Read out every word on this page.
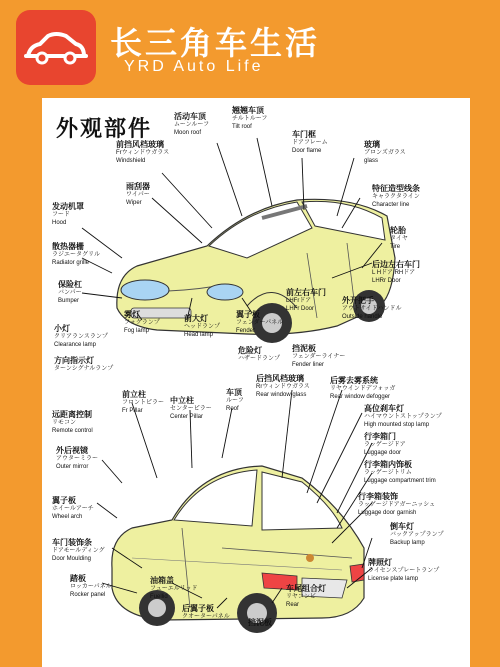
长三角车生活
YRD Auto Life
外观部件	活动车顶
ムーンルーフ
Moon roof
翘翘车顶
チルトルーフ
Tilt roof
车门框
ドアフレーム
Door flame
玻璃
ブロンズガラス
glass
前挡风档玻璃
Frウィンドウガラス
Windshield
雨刮器
ワイパー
Wiper
特征造型线条
キャラクタライン
Character line
发动机罩
フード
Hood
轮胎
タイヤ
Tire
散热器栅
ラジエータグリル
Radiator grille	后边左右车门
L Hドア RHドア
LHRr Door
保险杠
バンパー
Bumper
前左右车门
LHFrドア
LHFr Door
外开把手
アウトサイドハンドル
Outside handle
雾灯
フォグランプ
Fog lamp
前大灯
ヘッドランプ
Head lamp
翼子板
フェンダーパネル
Fender
小灯
クリアランスランプ
Clearance lamp	挡泥板
フェンダーライナー
Fender liner
方向指示灯
ターンシグナルランプ
危险灯
ハザードランプ
前立柱
フロントピラー
Fr Pillar
中立柱
センターピラー
Center Pillar
车顶
ルーフ
Roof
后挡风档玻璃
Rrウィンドウガラス
Rear window glass
后雾去雾系统
リヤウインドデフォッガ
Rear window defogger
高位刹车灯
ハイマウントストップランプ
High mounted stop lamp
远距离控制
リモコン
Remote control
外后视镜
アウターミラー
Outer mirror
行李箱门
ラッゲージドア
Luggage door
行李箱内饰板
ラッゲージトリム
Luggage compartment trim
行李箱装饰
ラッゲージドアガーニッシュ
Luggage door garnish
翼子板
ホイールアーチ
Wheel arch
倒车灯
バックアップランプ
Backup lamp
车门装饰条
ドアモールディング
Door Moulding	牌照灯
ライセンスプレートランプ
License plate lamp
踏板
ロッカーパネル
Rocker panel
油箱盖
フューエルリッド
Fuellid
后翼子板
クオーターパネル
挡泥板
车尾组合灯
リヤコンビ
Rear
